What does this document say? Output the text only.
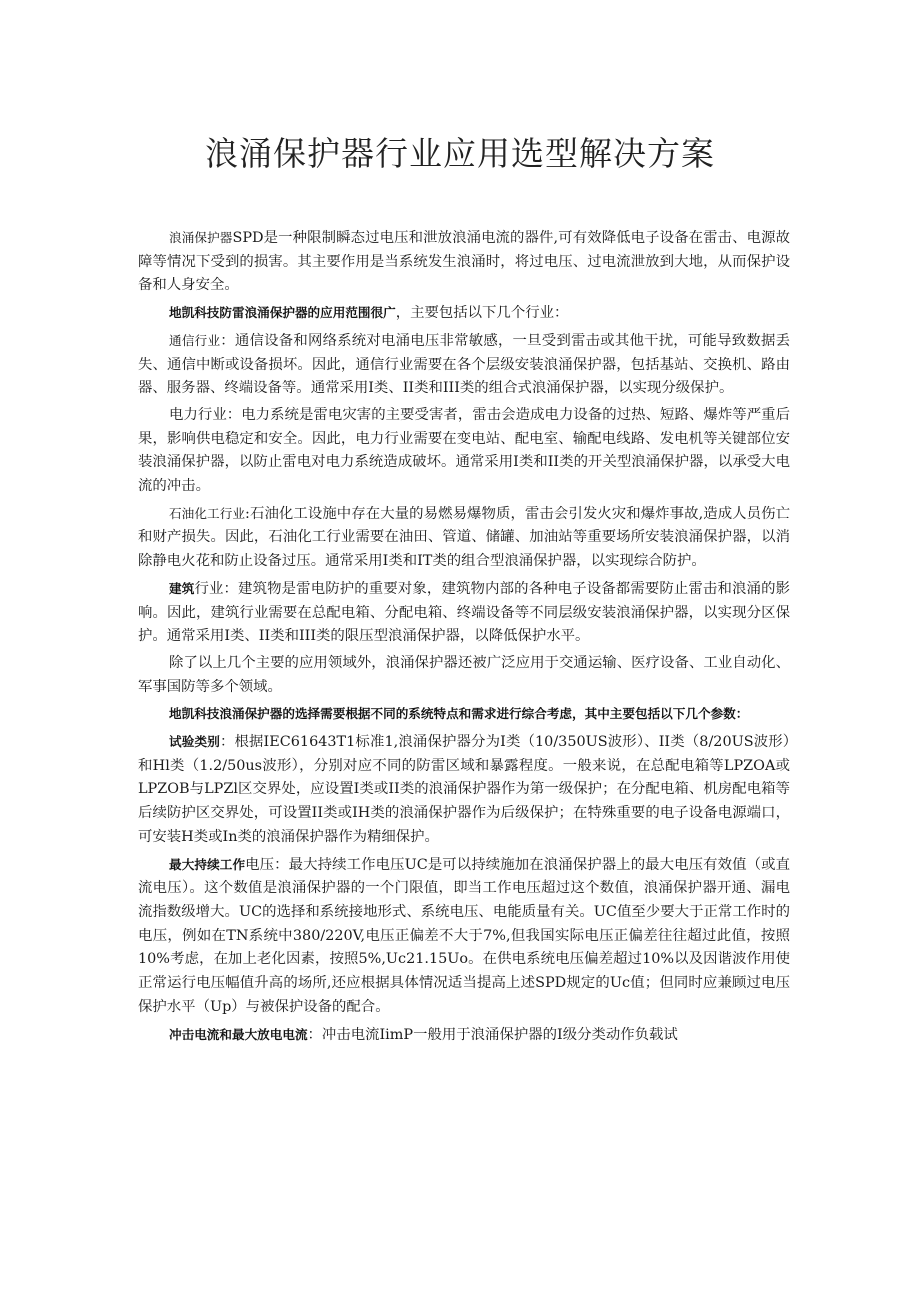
浪涌保护器行业应用选型解决方案

浪涌保护器SPD是一种限制瞬态过电压和泄放浪涌电流的器件,可有效降低电子设备在雷击、电源故障等情况下受到的损害。其主要作用是当系统发生浪涌时，将过电压、过电流泄放到大地，从而保护设备和人身安全。

地凯科技防雷浪涌保护器的应用范围很广，主要包括以下几个行业：

通信行业：通信设备和网络系统对电涌电压非常敏感，一旦受到雷击或其他干扰，可能导致数据丢失、通信中断或设备损坏。因此，通信行业需要在各个层级安装浪涌保护器，包括基站、交换机、路由器、服务器、终端设备等。通常采用I类、II类和III类的组合式浪涌保护器，以实现分级保护。

电力行业：电力系统是雷电灾害的主要受害者，雷击会造成电力设备的过热、短路、爆炸等严重后果，影响供电稳定和安全。因此，电力行业需要在变电站、配电室、输配电线路、发电机等关键部位安装浪涌保护器，以防止雷电对电力系统造成破坏。通常采用I类和II类的开关型浪涌保护器，以承受大电流的冲击。

石油化工行业:石油化工设施中存在大量的易燃易爆物质，雷击会引发火灾和爆炸事故,造成人员伤亡和财产损失。因此，石油化工行业需要在油田、管道、储罐、加油站等重要场所安装浪涌保护器，以消除静电火花和防止设备过压。通常采用I类和IT类的组合型浪涌保护器，以实现综合防护。

建筑行业：建筑物是雷电防护的重要对象，建筑物内部的各种电子设备都需要防止雷击和浪涌的影响。因此，建筑行业需要在总配电箱、分配电箱、终端设备等不同层级安装浪涌保护器，以实现分区保护。通常采用I类、II类和III类的限压型浪涌保护器，以降低保护水平。

除了以上几个主要的应用领域外，浪涌保护器还被广泛应用于交通运输、医疗设备、工业自动化、军事国防等多个领域。

地凯科技浪涌保护器的选择需要根据不同的系统特点和需求进行综合考虑，其中主要包括以下几个参数：

试验类别：根据IEC61643T1标准1,浪涌保护器分为I类（10/350US波形）、II类（8/20US波形）和Hl类（1.2/50us波形），分别对应不同的防雷区域和暴露程度。一般来说，在总配电箱等LPZOA或LPZOB与LPZl区交界处，应设置I类或II类的浪涌保护器作为第一级保护；在分配电箱、机房配电箱等后续防护区交界处，可设置II类或IH类的浪涌保护器作为后级保护；在特殊重要的电子设备电源端口，可安装H类或In类的浪涌保护器作为精细保护。

最大持续工作电压：最大持续工作电压UC是可以持续施加在浪涌保护器上的最大电压有效值（或直流电压）。这个数值是浪涌保护器的一个门限值，即当工作电压超过这个数值，浪涌保护器开通、漏电流指数级增大。UC的选择和系统接地形式、系统电压、电能质量有关。UC值至少要大于正常工作时的电压，例如在TN系统中380/220V,电压正偏差不大于7%,但我国实际电压正偏差往往超过此值，按照10%考虑，在加上老化因素，按照5%,Uc21.15Uo。在供电系统电压偏差超过10%以及因谐波作用使正常运行电压幅值升高的场所,还应根据具体情况适当提高上述SPD规定的Uc值；但同时应兼顾过电压保护水平（Up）与被保护设备的配合。

冲击电流和最大放电电流：冲击电流IimP一般用于浪涌保护器的I级分类动作负载试
